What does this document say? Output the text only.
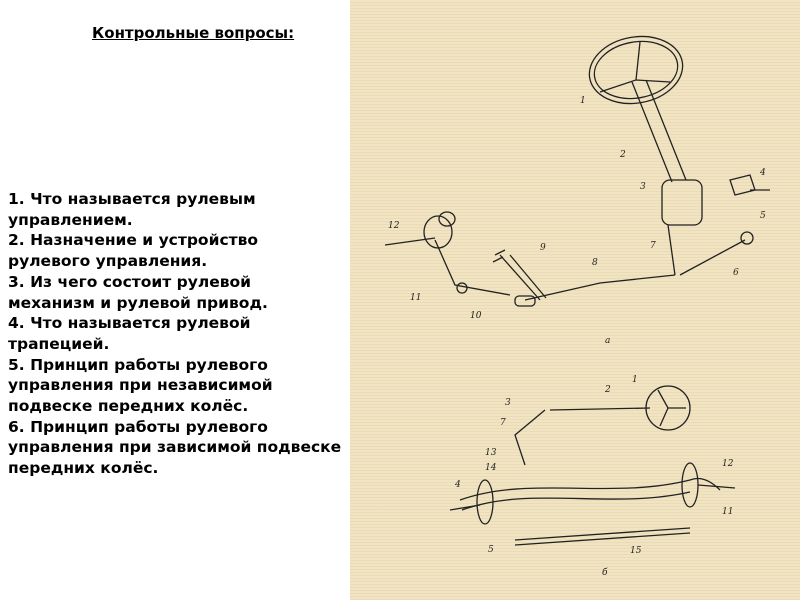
Контрольные вопросы:
1. Что называется рулевым управлением.
2. Назначение и устройство рулевого управления.
3. Из чего состоит рулевой механизм и рулевой привод.
4. Что называется рулевой трапецией.
5. Принцип работы рулевого управления при независимой подвеске передних колёс.
6. Принцип работы рулевого управления при зависимой подвеске передних колёс.
1
2
3
4
5
6
7
8
9
10
11
12
а
1
2
3
7
13
14
4
5	15
11
12
б
